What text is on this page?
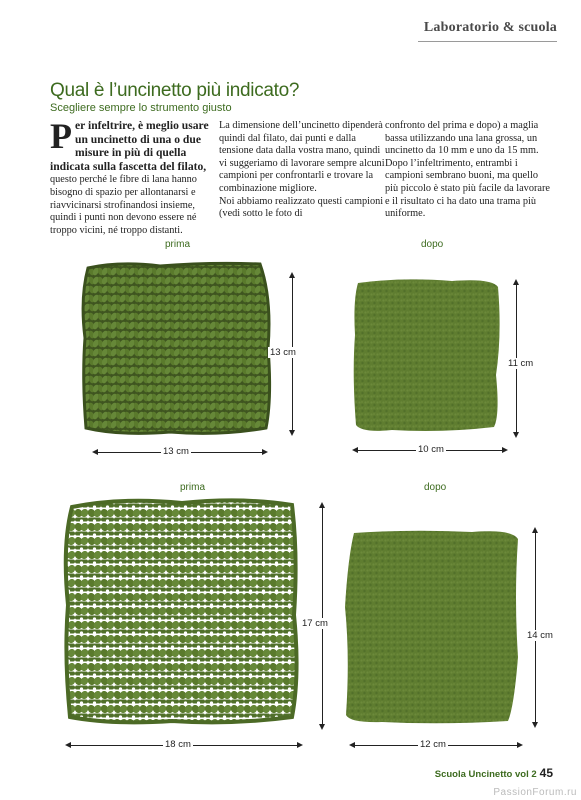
Laboratorio & scuola
Qual è l’uncinetto più indicato?
Scegliere sempre lo strumento giusto
Per infeltrire, è meglio usare un uncinetto di una o due misure in più di quella indicata sulla fascetta del filato, questo perché le fibre di lana hanno bisogno di spazio per allontanarsi e riavvicinarsi strofinandosi insieme, quindi i punti non devono essere né troppo vicini, né troppo distanti.

La dimensione dell’uncinetto dipenderà quindi dal filato, dai punti e dalla tensione data dalla vostra mano, quindi vi suggeriamo di lavorare sempre alcuni campioni per confrontarli e trovare la combinazione migliore.

Noi abbiamo realizzato questi campioni (vedi sotto le foto di

confronto del prima e dopo) a maglia bassa utilizzando una lana grossa, un uncinetto da 10 mm e uno da 15 mm. Dopo l’infeltrimento, entrambi i campioni sembrano buoni, ma quello più piccolo è stato più facile da lavorare e il risultato ci ha dato una trama più uniforme.

prima	dopo
13 cm
13 cm
11 cm
10 cm
prima	dopo
17 cm
18 cm
14 cm
12 cm
Scuola Uncinetto vol 2 45
PassionForum.ru
